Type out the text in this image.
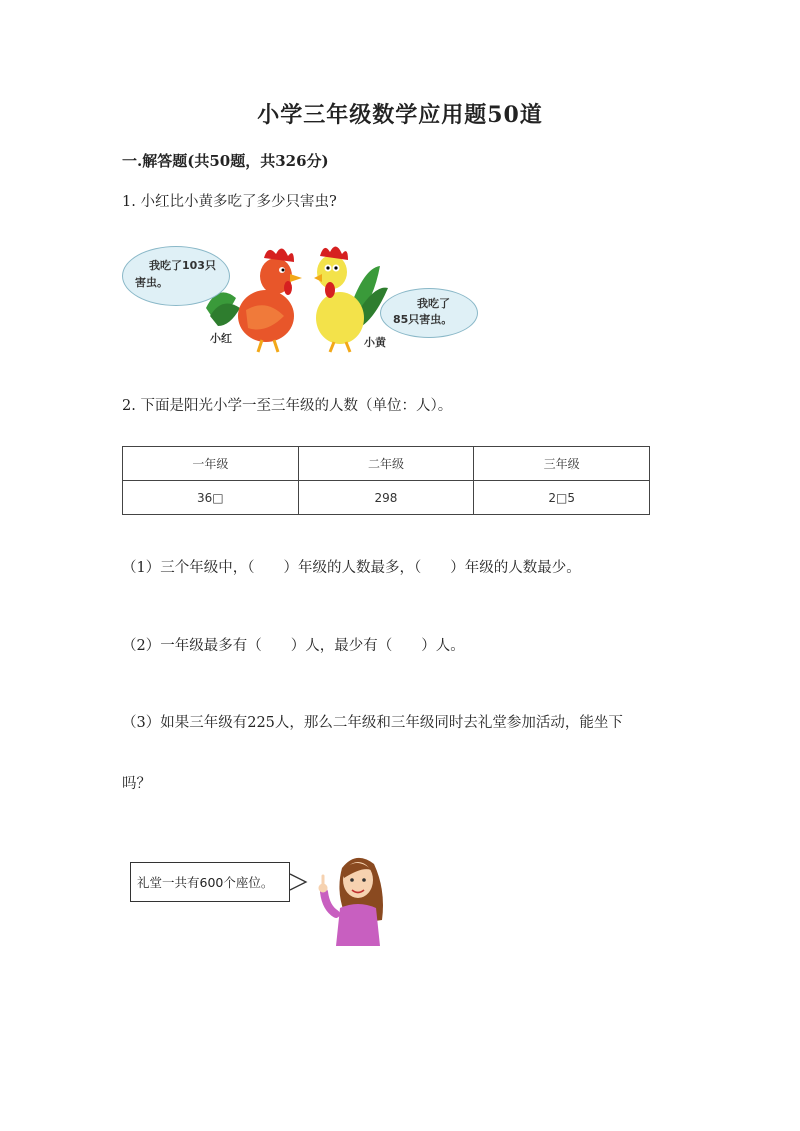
小学三年级数学应用题50道
一.解答题(共50题，共326分)
1. 小红比小黄多吃了多少只害虫?
我吃了103只
害虫。
我吃了
85只害虫。
小红	小黄
2. 下面是阳光小学一至三年级的人数（单位：人）。
一年级	二年级	三年级
36□	298	2□5
（1）三个年级中，（　　）年级的人数最多，（　　）年级的人数最少。
（2）一年级最多有（　　）人，最少有（　　）人。
（3）如果三年级有225人，那么二年级和三年级同时去礼堂参加活动，能坐下
吗？
礼堂一共有600个座位。
